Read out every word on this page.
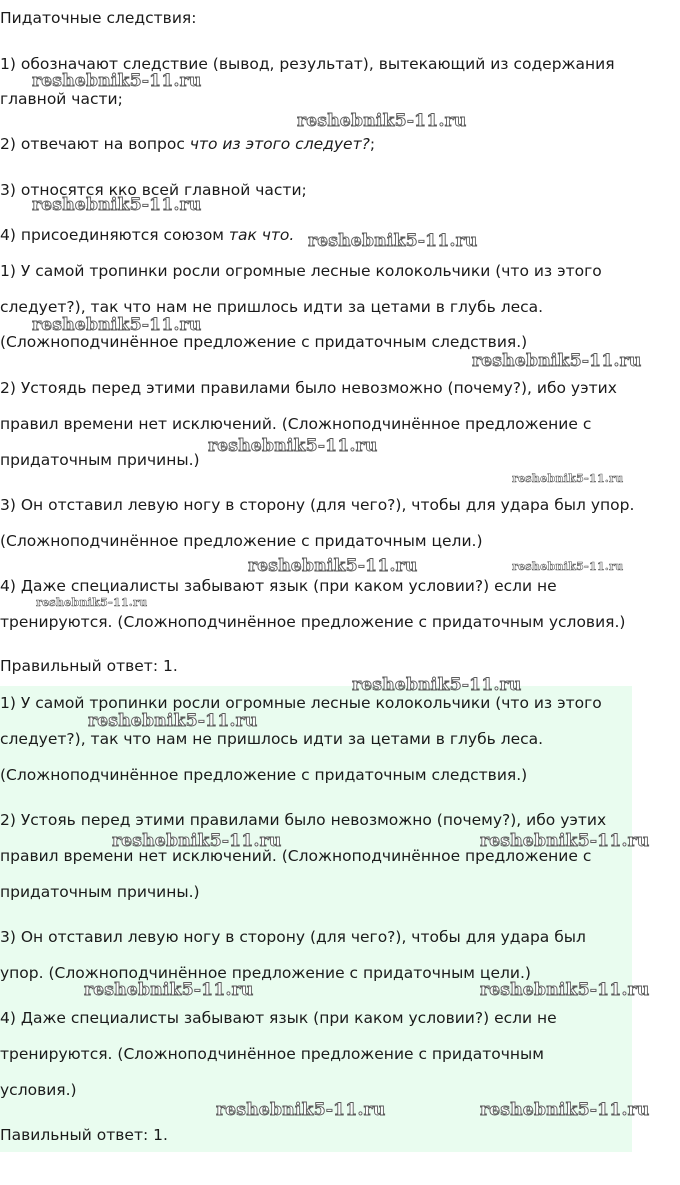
Пидаточные следствия:
1) обозначают следствие (вывод, результат), вытекающий из содержания
главной части;
2) отвечают на вопрос что из этого следует?;
3) относятся кко всей главной части;
4) присоединяются союзом так что.
1) У самой тропинки росли огромные лесные колокольчики (что из этого
следует?), так что нам не пришлось идти за цетами в глубь леса.
(Сложноподчинённое предложение с придаточным следствия.)
2) Устоядь перед этими правилами было невозможно (почему?), ибо уэтих
правил времени нет исключений. (Сложноподчинённое предложение с
придаточным причины.)
3) Он отставил левую ногу в сторону (для чего?), чтобы для удара был упор.
(Сложноподчинённое предложение с придаточным цели.)
4) Даже специалисты забывают язык (при каком условии?) если не
тренируются. (Сложноподчинённое предложение с придаточным условия.)
Правильный ответ: 1.
1) У самой тропинки росли огромные лесные колокольчики (что из этого
следует?), так что нам не пришлось идти за цетами в глубь леса.
(Сложноподчинённое предложение с придаточным следствия.)
2) Устояь перед этими правилами было невозможно (почему?), ибо уэтих
правил времени нет исключений. (Сложноподчинённое предложение с
придаточным причины.)
3) Он отставил левую ногу в сторону (для чего?), чтобы для удара был
упор. (Сложноподчинённое предложение с придаточным цели.)
4) Даже специалисты забывают язык (при каком условии?) если не
тренируются. (Сложноподчинённое предложение с придаточным
условия.)
Павильный ответ: 1.
reshebnik5-11.ru
reshebnik5-11.ru
reshebnik5-11.ru
reshebnik5-11.ru
reshebnik5-11.ru
reshebnik5-11.ru
reshebnik5-11.ru
reshebnik5-11.ru
reshebnik5-11.ru	reshebnik5-11.ru
reshebnik5-11.ru
reshebnik5-11.ru
reshebnik5-11.ru
reshebnik5-11.ru	reshebnik5-11.ru
reshebnik5-11.ru	reshebnik5-11.ru
reshebnik5-11.ru	reshebnik5-11.ru
